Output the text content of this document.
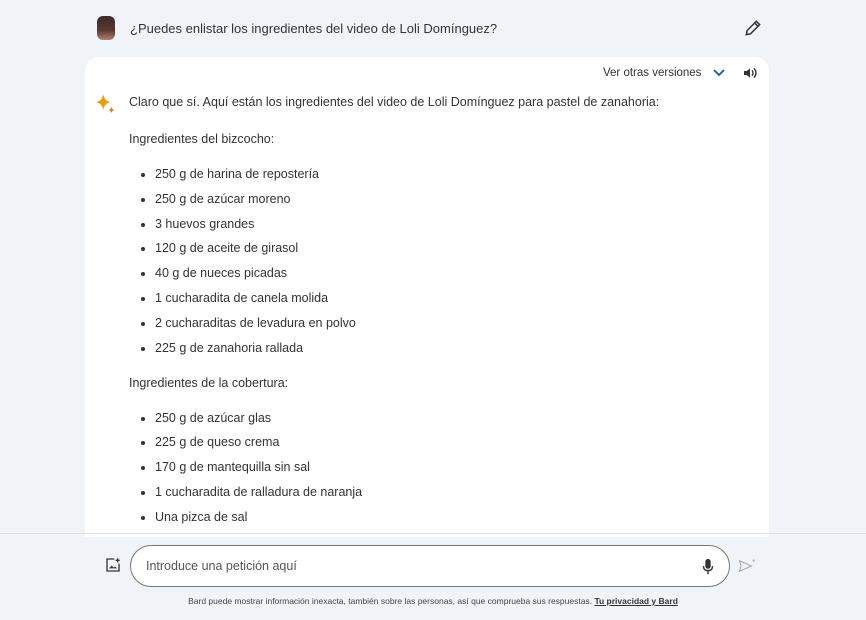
¿Puedes enlistar los ingredientes del video de Loli Domínguez?
Ver otras versiones

Claro que sí. Aquí están los ingredientes del video de Loli Domínguez para pastel de zanahoria:

Ingredientes del bizcocho:
• 250 g de harina de repostería
• 250 g de azúcar moreno
• 3 huevos grandes
• 120 g de aceite de girasol
• 40 g de nueces picadas
• 1 cucharadita de canela molida
• 2 cucharaditas de levadura en polvo
• 225 g de zanahoria rallada
Ingredientes de la cobertura:
• 250 g de azúcar glas
• 225 g de queso crema
• 170 g de mantequilla sin sal
• 1 cucharadita de ralladura de naranja
• Una pizca de sal
Introduce una petición aquí
Bard puede mostrar información inexacta, también sobre las personas, así que comprueba sus respuestas. Tu privacidad y Bard
